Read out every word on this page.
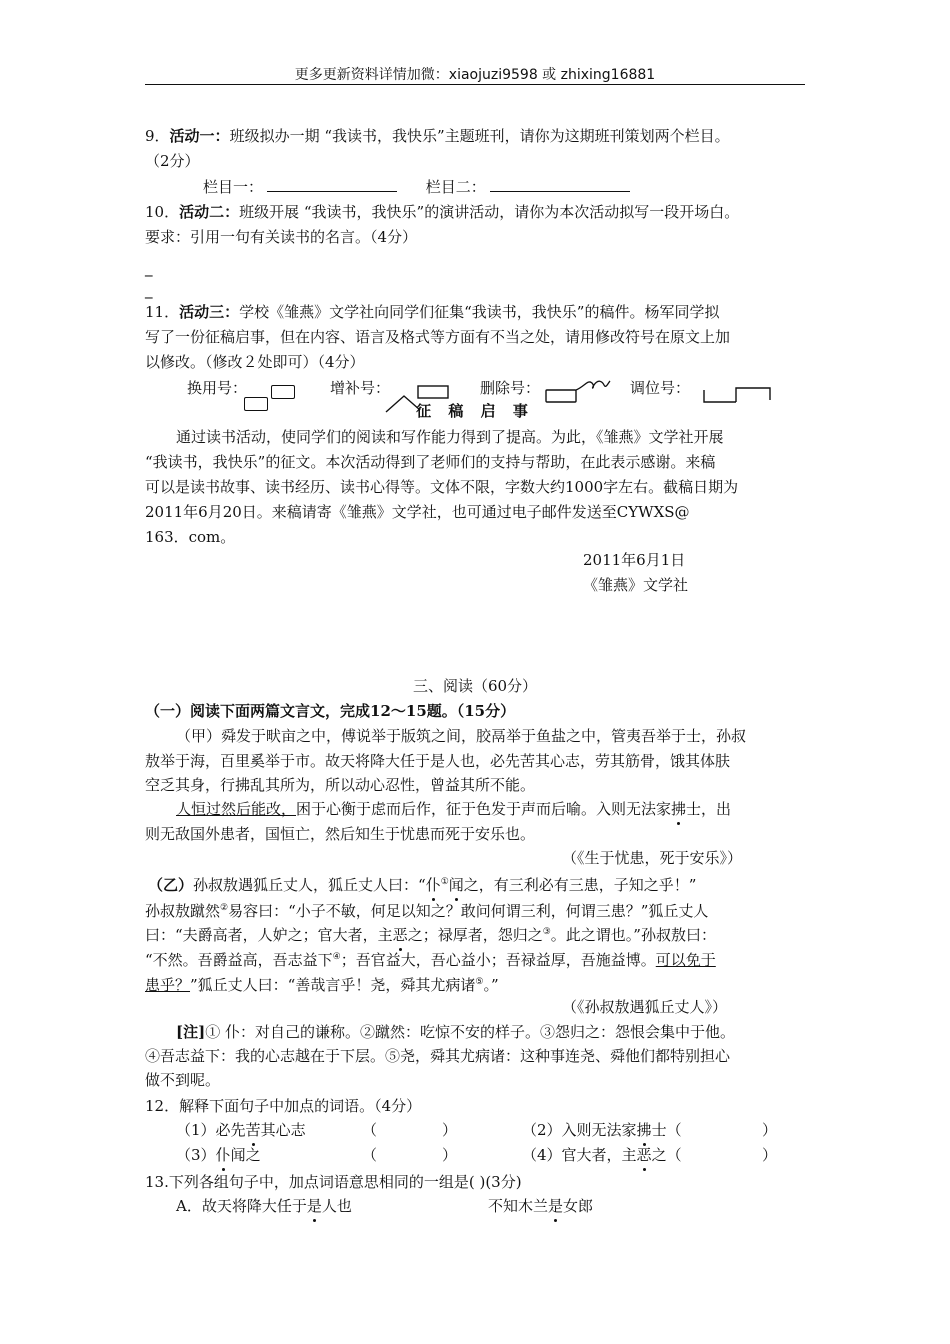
更多更新资料详情加微：xiaojuzi9598 或 zhixing16881
9．活动一：班级拟办一期 “我读书，我快乐”主题班刊，请你为这期班刊策划两个栏目。
（2分）
栏目一：	栏目二：
10．活动二：班级开展 “我读书，我快乐”的演讲活动，请你为本次活动拟写一段开场白。
要求：引用一句有关读书的名言。（4分）
_
_
11．活动三：学校《雏燕》文学社向同学们征集“我读书，我快乐”的稿件。杨军同学拟
写了一份征稿启事，但在内容、语言及格式等方面有不当之处，请用修改符号在原文上加
以修改。（修改２处即可）（4分）
换用号：	增补号：	删除号：	调位号：
征 稿 启 事
通过读书活动，使同学们的阅读和写作能力得到了提高。为此，《雏燕》文学社开展
“我读书，我快乐”的征文。本次活动得到了老师们的支持与帮助，在此表示感谢。来稿
可以是读书故事、读书经历、读书心得等。文体不限，字数大约1000字左右。截稿日期为
2011年6月20日。来稿请寄《雏燕》文学社，也可通过电子邮件发送至CYWXS@
163．com。
2011年6月1日
《雏燕》文学社
三、阅读（60分）
（一）阅读下面两篇文言文，完成12～15题。（15分）
（甲）舜发于畎亩之中，傅说举于版筑之间，胶鬲举于鱼盐之中，管夷吾举于士，孙叔
敖举于海，百里奚举于市。故天将降大任于是人也，必先苦其心志，劳其筋骨，饿其体肤
空乏其身，行拂乱其所为，所以动心忍性，曾益其所不能。
人恒过然后能改，困于心衡于虑而后作，征于色发于声而后喻。入则无法家拂士，出
则无敌国外患者，国恒亡，然后知生于忧患而死于安乐也。
（《生于忧患，死于安乐》）
（乙）孙叔敖遇狐丘丈人，狐丘丈人曰：“仆①闻之，有三利必有三患，子知之乎！”
孙叔敖蹴然②易容曰：“小子不敏，何足以知之？敢问何谓三利，何谓三患？”狐丘丈人
曰：“夫爵高者，人妒之；官大者，主恶之；禄厚者，怨归之③。此之谓也。”孙叔敖曰：
“不然。吾爵益高，吾志益下④；吾官益大，吾心益小；吾禄益厚，吾施益博。可以免于
患乎？”狐丘丈人曰：“善哉言乎！尧，舜其尤病诸⑤。”
（《孙叔敖遇狐丘丈人》）
[注]① 仆：对自己的谦称。②蹴然：吃惊不安的样子。③怨归之：怨恨会集中于他。
④吾志益下：我的心志越在于下层。⑤尧，舜其尤病诸：这种事连尧、舜他们都特别担心
做不到呢。
12．解释下面句子中加点的词语。（4分）
（1）必先苦其心志	（	）	（2）入则无法家拂士（	）
（3）仆闻之	（	）	（4）官大者，主恶之（	）
13.下列各组句子中，加点词语意思相同的一组是( )(3分)
A．故天将降大任于是人也	不知木兰是女郎
